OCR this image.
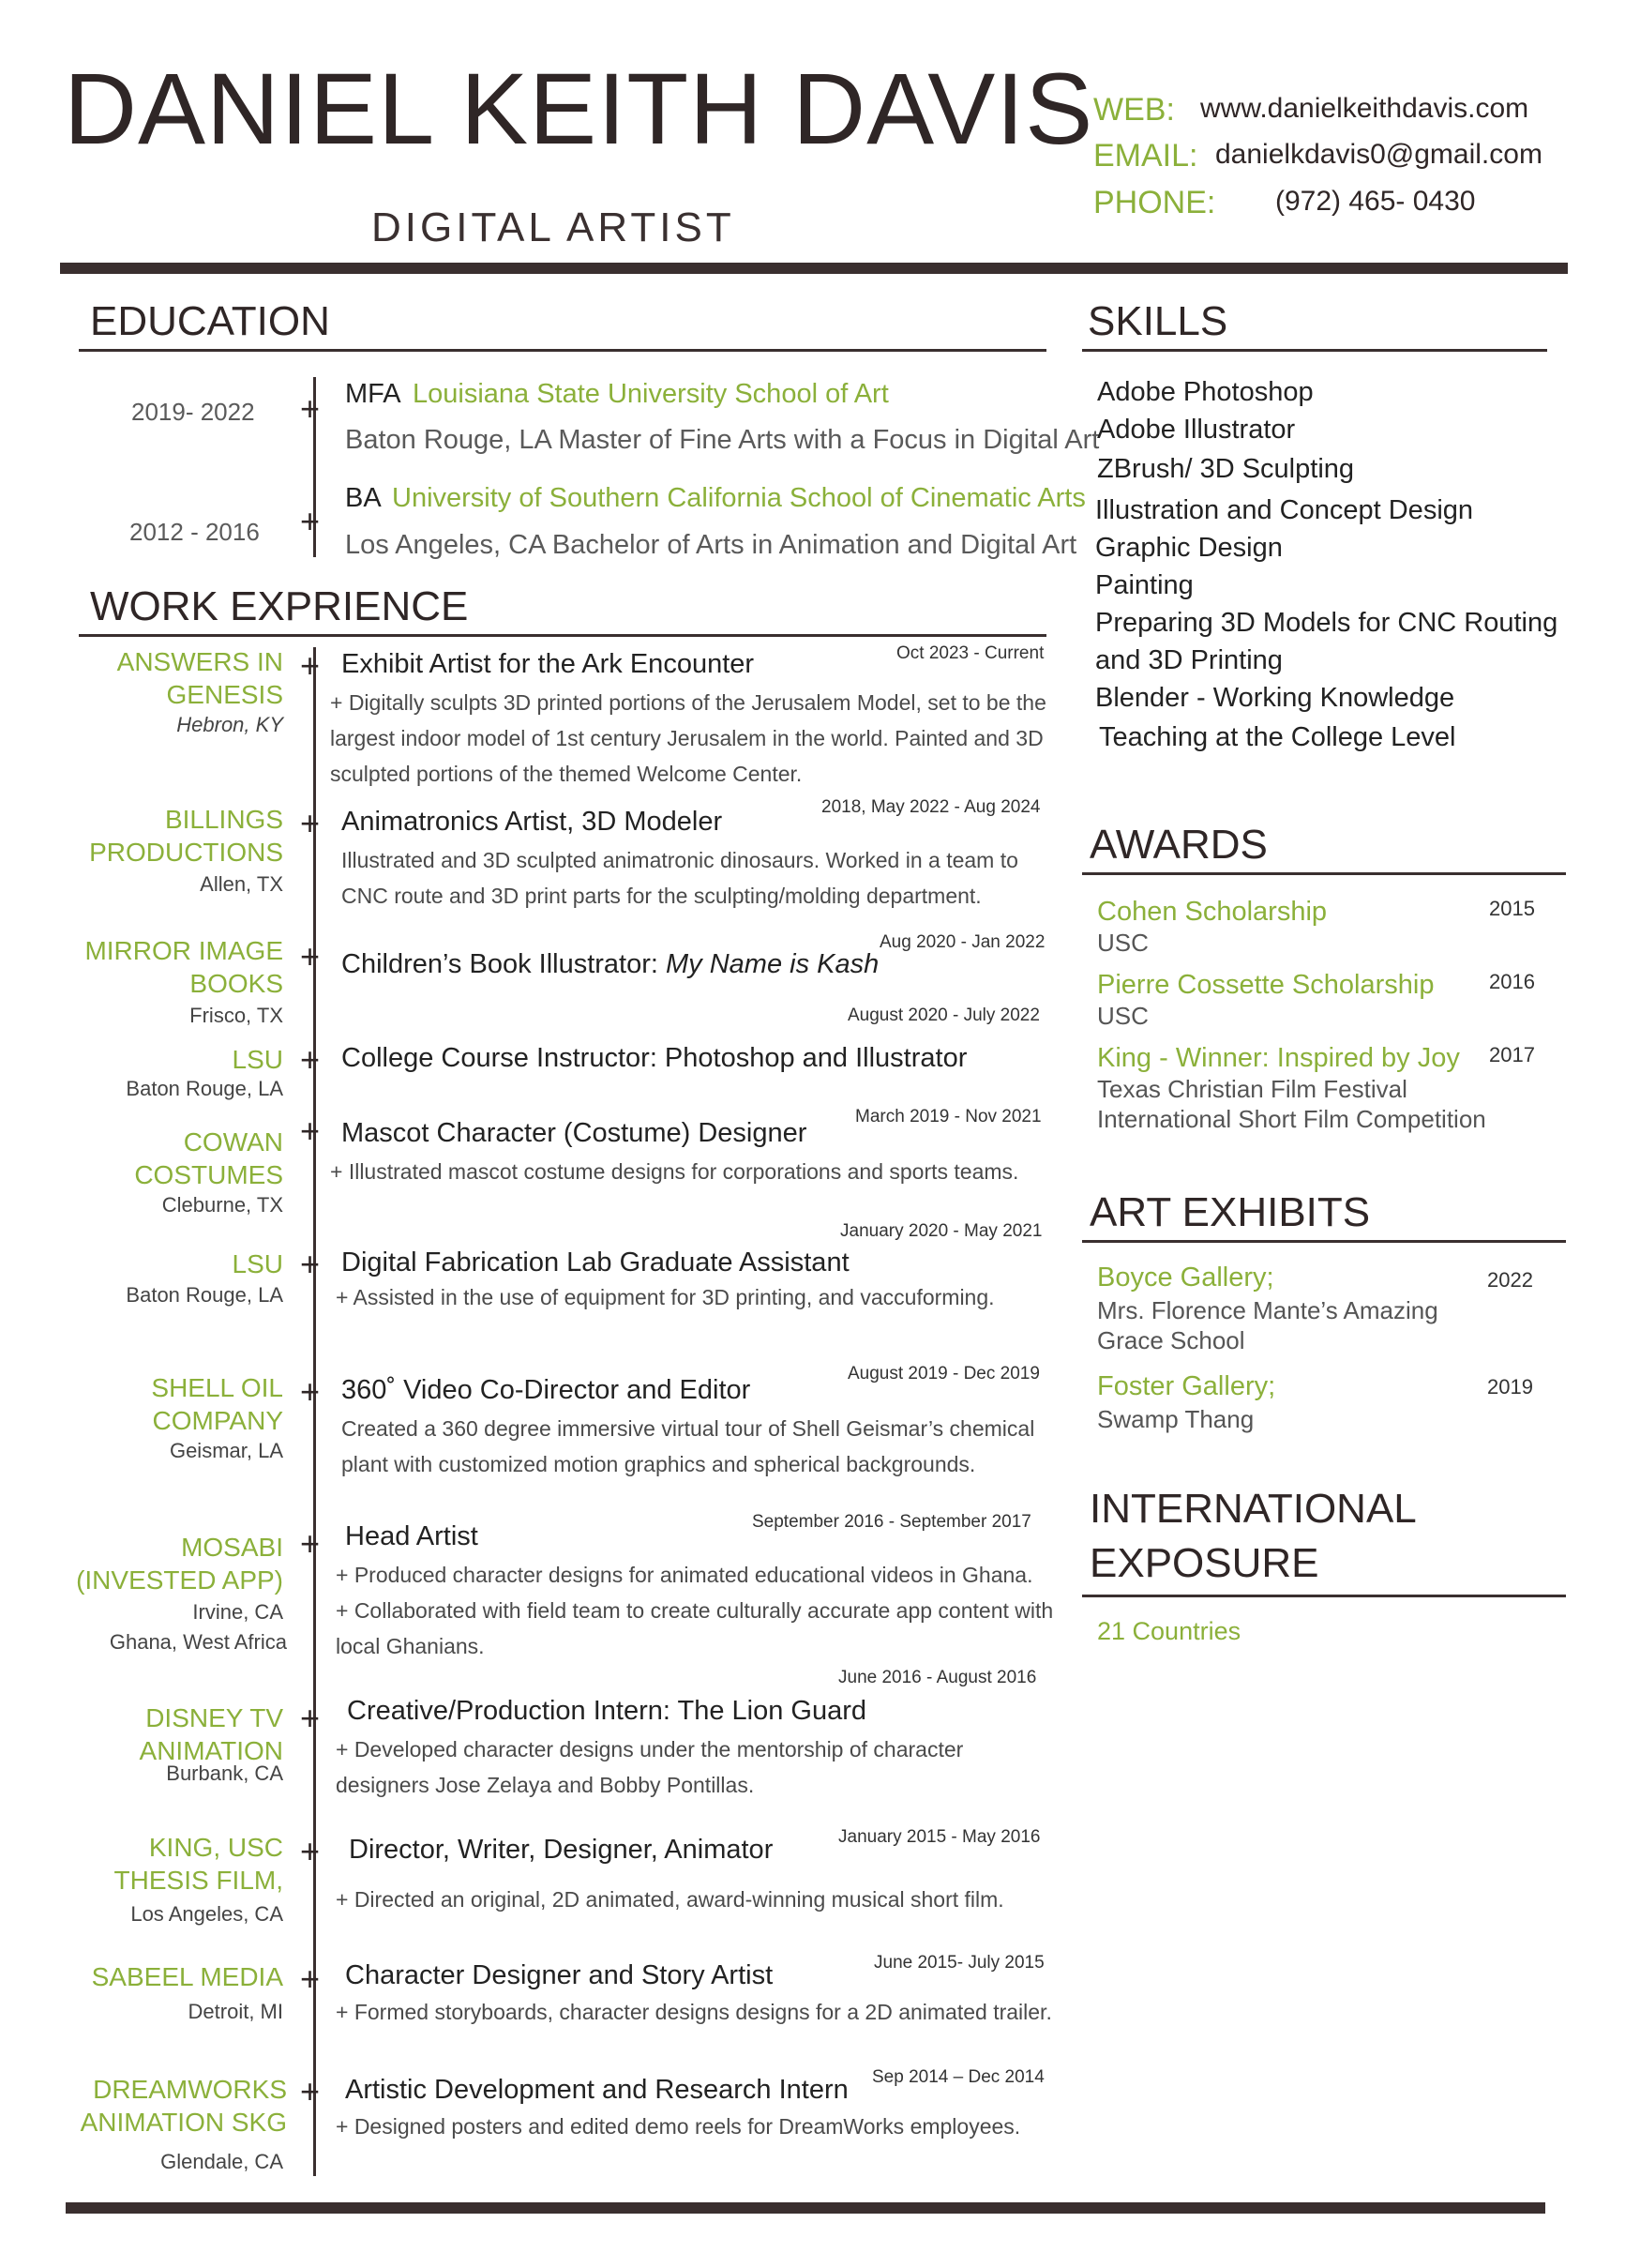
DANIEL KEITH DAVIS
DIGITAL ARTIST
WEB: www.danielkeithdavis.com
EMAIL: danielkdavis0@gmail.com
PHONE: (972) 465- 0430
EDUCATION
2019- 2022 + MFA Louisiana State University School of Art
Baton Rouge, LA Master of Fine Arts with a Focus in Digital Art
2012 - 2016 +
BA University of Southern California School of Cinematic Arts
Los Angeles, CA Bachelor of Arts in Animation and Digital Art
WORK EXPRIENCE
ANSWERS IN GENESIS
Hebron, KY
+ Exhibit Artist for the Ark Encounter	Oct 2023 - Current
+ Digitally sculpts 3D printed portions of the Jerusalem Model, set to be the largest indoor model of 1st century Jerusalem in the world. Painted and 3D sculpted portions of the themed Welcome Center.
BILLINGS PRODUCTIONS
Allen, TX
+ Animatronics Artist, 3D Modeler	2018, May 2022 - Aug 2024
Illustrated and 3D sculpted animatronic dinosaurs. Worked in a team to CNC route and 3D print parts for the sculpting/molding department.
MIRROR IMAGE BOOKS
Frisco, TX
+ Children’s Book Illustrator: My Name is Kash
Aug 2020 - Jan 2022
LSU
Baton Rouge, LA
+ College Course Instructor: Photoshop and Illustrator
August 2020 - July 2022
COWAN COSTUMES
Cleburne, TX
+ Mascot Character (Costume) Designer
March 2019 - Nov 2021
+ Illustrated mascot costume designs for corporations and sports teams.
LSU
Baton Rouge, LA
+ Digital Fabrication Lab Graduate Assistant
January 2020 - May 2021
+ Assisted in the use of equipment for 3D printing, and vaccuforming.
SHELL OIL COMPANY
Geismar, LA
+ 360˚ Video Co-Director and Editor
August 2019 - Dec 2019
Created a 360 degree immersive virtual tour of Shell Geismar’s chemical plant with customized motion graphics and spherical backgrounds.
MOSABI (INVESTED APP)
Irvine, CA
Ghana, West Africa
+ Head Artist	September 2016 - September 2017
+ Produced character designs for animated educational videos in Ghana.
+ Collaborated with field team to create culturally accurate app content with local Ghanians.
DISNEY TV ANIMATION
Burbank, CA
+ Creative/Production Intern: The Lion Guard
June 2016 - August 2016
+ Developed character designs under the mentorship of character designers Jose Zelaya and Bobby Pontillas.
KING, USC THESIS FILM,
Los Angeles, CA
+ Director, Writer, Designer, Animator	January 2015 - May 2016
+ Directed an original, 2D animated, award-winning musical short film.
SABEEL MEDIA
Detroit, MI
+ Character Designer and Story Artist	June 2015- July 2015
+ Formed storyboards, character designs designs for a 2D animated trailer.
DREAMWORKS ANIMATION SKG
Glendale, CA
+ Artistic Development and Research Intern Sep 2014 – Dec 2014
+ Designed posters and edited demo reels for DreamWorks employees.
SKILLS
Adobe Photoshop
Adobe Illustrator
ZBrush/ 3D Sculpting
Illustration and Concept Design
Graphic Design
Painting
Preparing 3D Models for CNC Routing
and 3D Printing
Blender - Working Knowledge
Teaching at the College Level
AWARDS
Cohen Scholarship	2015
USC
Pierre Cossette Scholarship	2016
USC
King - Winner: Inspired by Joy 2017
Texas Christian Film Festival
International Short Film Competition
ART EXHIBITS
Boyce Gallery;	2022
Mrs. Florence Mante’s Amazing
Grace School
Foster Gallery;	2019
Swamp Thang
INTERNATIONAL
EXPOSURE
21 Countries
